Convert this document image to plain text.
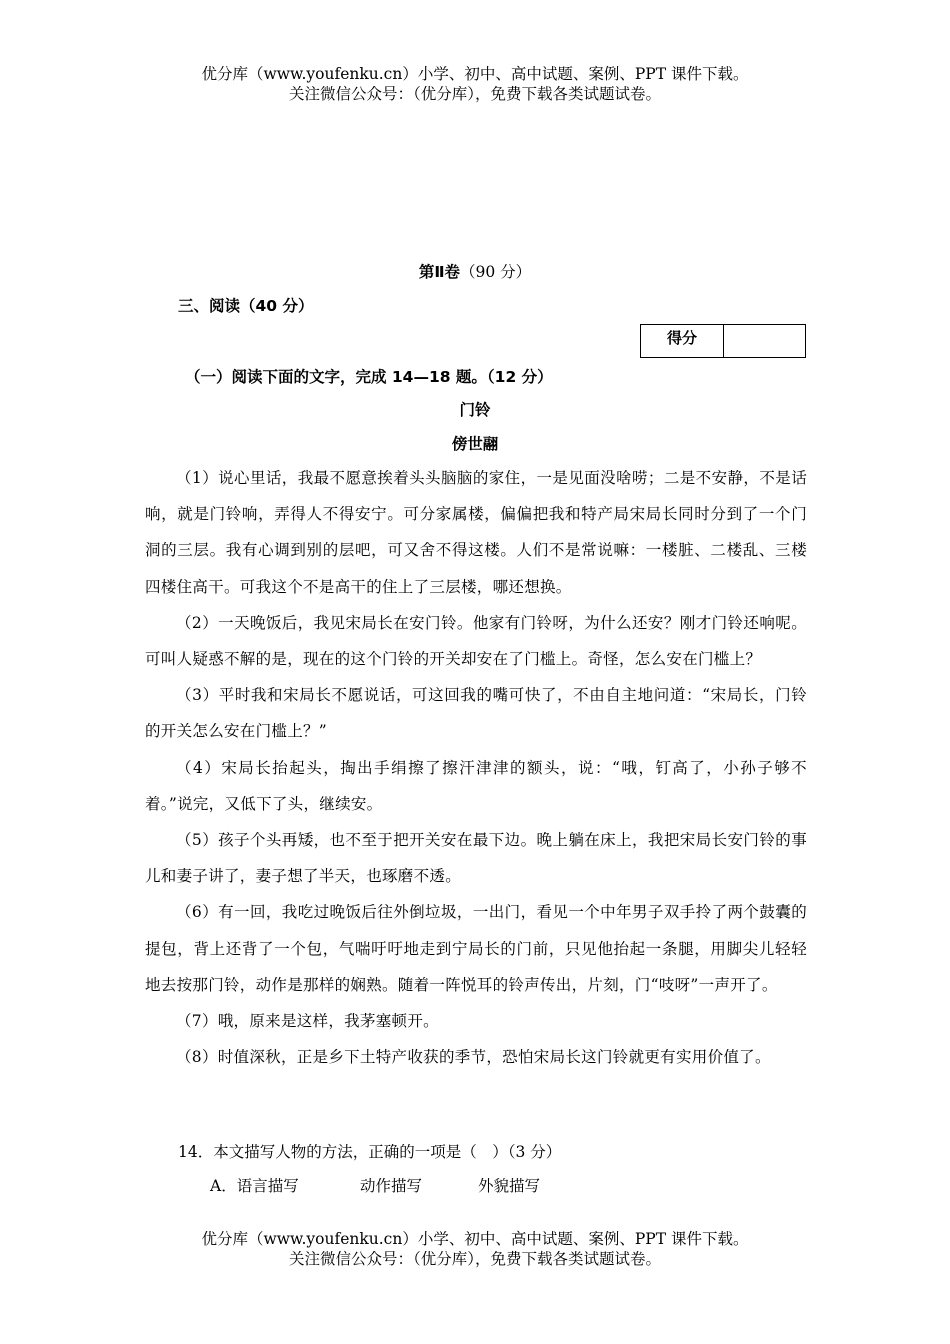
优分库（www.youfenku.cn）小学、初中、高中试题、案例、PPT 课件下载。
关注微信公众号：（优分库），免费下载各类试题试卷。
第Ⅱ卷（90 分）
三、阅读（40 分）
得分
（一）阅读下面的文字，完成 14—18 题。（12 分）
门铃
傍世翮

（1）说心里话，我最不愿意挨着头头脑脑的家住，一是见面没啥唠；二是不安静，不是话响，就是门铃响，弄得人不得安宁。可分家属楼，偏偏把我和特产局宋局长同时分到了一个门洞的三层。我有心调到别的层吧，可又舍不得这楼。人们不是常说嘛：一楼脏、二楼乱、三楼四楼住高干。可我这个不是高干的住上了三层楼，哪还想换。

（2）一天晚饭后，我见宋局长在安门铃。他家有门铃呀，为什么还安？刚才门铃还响呢。可叫人疑惑不解的是，现在的这个门铃的开关却安在了门槛上。奇怪，怎么安在门槛上？

（3）平时我和宋局长不愿说话，可这回我的嘴可快了，不由自主地问道：“宋局长，门铃的开关怎么安在门槛上？”

（4）宋局长抬起头，掏出手绢擦了擦汗津津的额头，说：“哦，钉高了，小孙子够不着。”说完，又低下了头，继续安。

（5）孩子个头再矮，也不至于把开关安在最下边。晚上躺在床上，我把宋局长安门铃的事儿和妻子讲了，妻子想了半天，也琢磨不透。

（6）有一回，我吃过晚饭后往外倒垃圾，一出门，看见一个中年男子双手拎了两个鼓囊的提包，背上还背了一个包，气喘吁吁地走到宁局长的门前，只见他抬起一条腿，用脚尖儿轻轻地去按那门铃，动作是那样的娴熟。随着一阵悦耳的铃声传出，片刻，门“吱呀”一声开了。

（7）哦，原来是这样，我茅塞顿开。

（8）时值深秋，正是乡下土特产收获的季节，恐怕宋局长这门铃就更有实用价值了。

14．本文描写人物的方法，正确的一项是（　）（3 分）
A．语言描写	动作描写	外貌描写
优分库（www.youfenku.cn）小学、初中、高中试题、案例、PPT 课件下载。
关注微信公众号：（优分库），免费下载各类试题试卷。
